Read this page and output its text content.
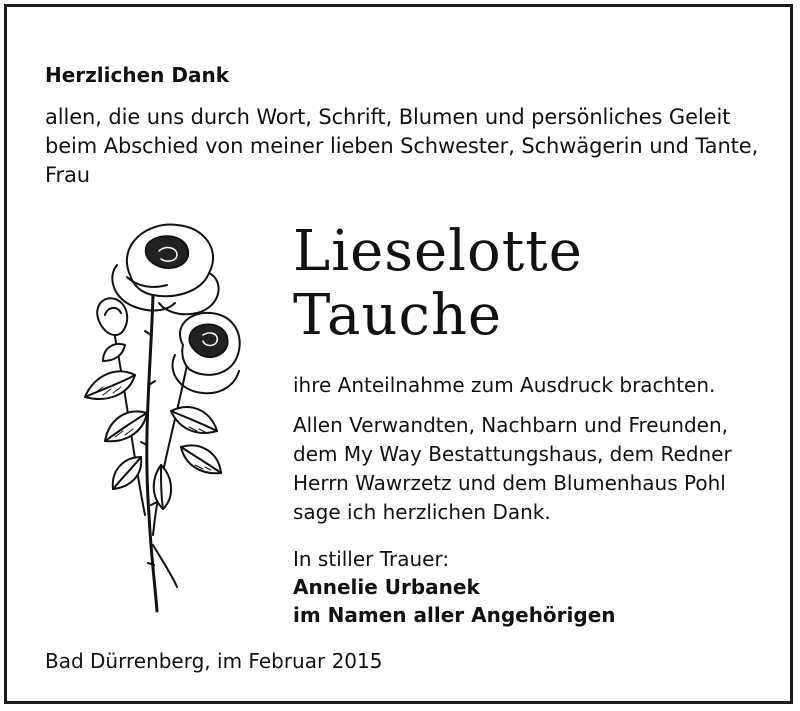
Herzlichen Dank

allen, die uns durch Wort, Schrift, Blumen und persönliches Geleit
beim Abschied von meiner lieben Schwester, Schwägerin und Tante,
Frau

Lieselotte
Tauche

ihre Anteilnahme zum Ausdruck brachten.

Allen Verwandten, Nachbarn und Freunden,
dem My Way Bestattungshaus, dem Redner
Herrn Wawrzetz und dem Blumenhaus Pohl
sage ich herzlichen Dank.

In stiller Trauer:
Annelie Urbanek
im Namen aller Angehörigen

Bad Dürrenberg, im Februar 2015
